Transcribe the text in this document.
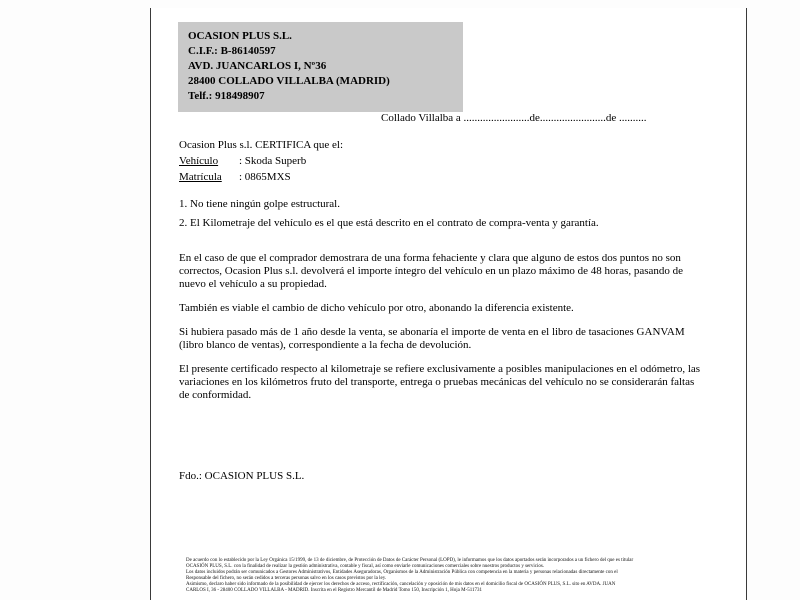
OCASION PLUS S.L.
C.I.F.: B-86140597
AVD. JUANCARLOS I, Nº36
28400 COLLADO VILLALBA (MADRID)
Telf.: 918498907
Collado Villalba a ........................de........................de ..........
Ocasion Plus s.l. CERTIFICA que el:
Vehículo : Skoda Superb
Matrícula : 0865MXS
1. No tiene ningún golpe estructural.
2. El Kilometraje del vehículo es el que está descrito en el contrato de compra-venta y garantía.

En el caso de que el comprador demostrara de una forma fehaciente y clara que alguno de estos dos puntos no son correctos, Ocasion Plus s.l. devolverá el importe íntegro del vehículo en un plazo máximo de 48 horas, pasando de nuevo el vehículo a su propiedad.

También es viable el cambio de dicho vehículo por otro, abonando la diferencia existente.

Si hubiera pasado más de 1 año desde la venta, se abonaría el importe de venta en el libro de tasaciones GANVAM (libro blanco de ventas), correspondiente a la fecha de devolución.

El presente certificado respecto al kilometraje se refiere exclusivamente a posibles manipulaciones en el odómetro, las variaciones en los kilómetros fruto del transporte, entrega o pruebas mecánicas del vehículo no se considerarán faltas de conformidad.

Fdo.: OCASION PLUS S.L.
De acuerdo con lo establecido por la Ley Orgánica 15/1999, de 13 de diciembre, de Protección de Datos de Carácter Personal (LOPD), le informamos que los datos aportados serán incorporados a un fichero del que es titular
OCASIÓN PLUS, S.L. con la finalidad de realizar la gestión administrativa, contable y fiscal, así como enviarle comunicaciones comerciales sobre nuestros productos y servicios.
Los datos incluidos podrán ser comunicados a Gestores Administrativos, Entidades Aseguradoras, Organismos de la Administración Pública con competencia en la materia y personas relacionadas directamente con el
Responsable del fichero, no serán cedidos a terceras personas salvo en los casos previstos por la ley.
Asimismo, declaro haber sido informado de la posibilidad de ejercer los derechos de acceso, rectificación, cancelación y oposición de mis datos en el domicilio fiscal de OCASIÓN PLUS, S.L. sito en AVDA. JUAN
CARLOS I, 36 - 28400 COLLADO VILLALBA - MADRID. Inscrita en el Registro Mercantil de Madrid Tomo 150, Inscripción 1, Hoja M-511731
